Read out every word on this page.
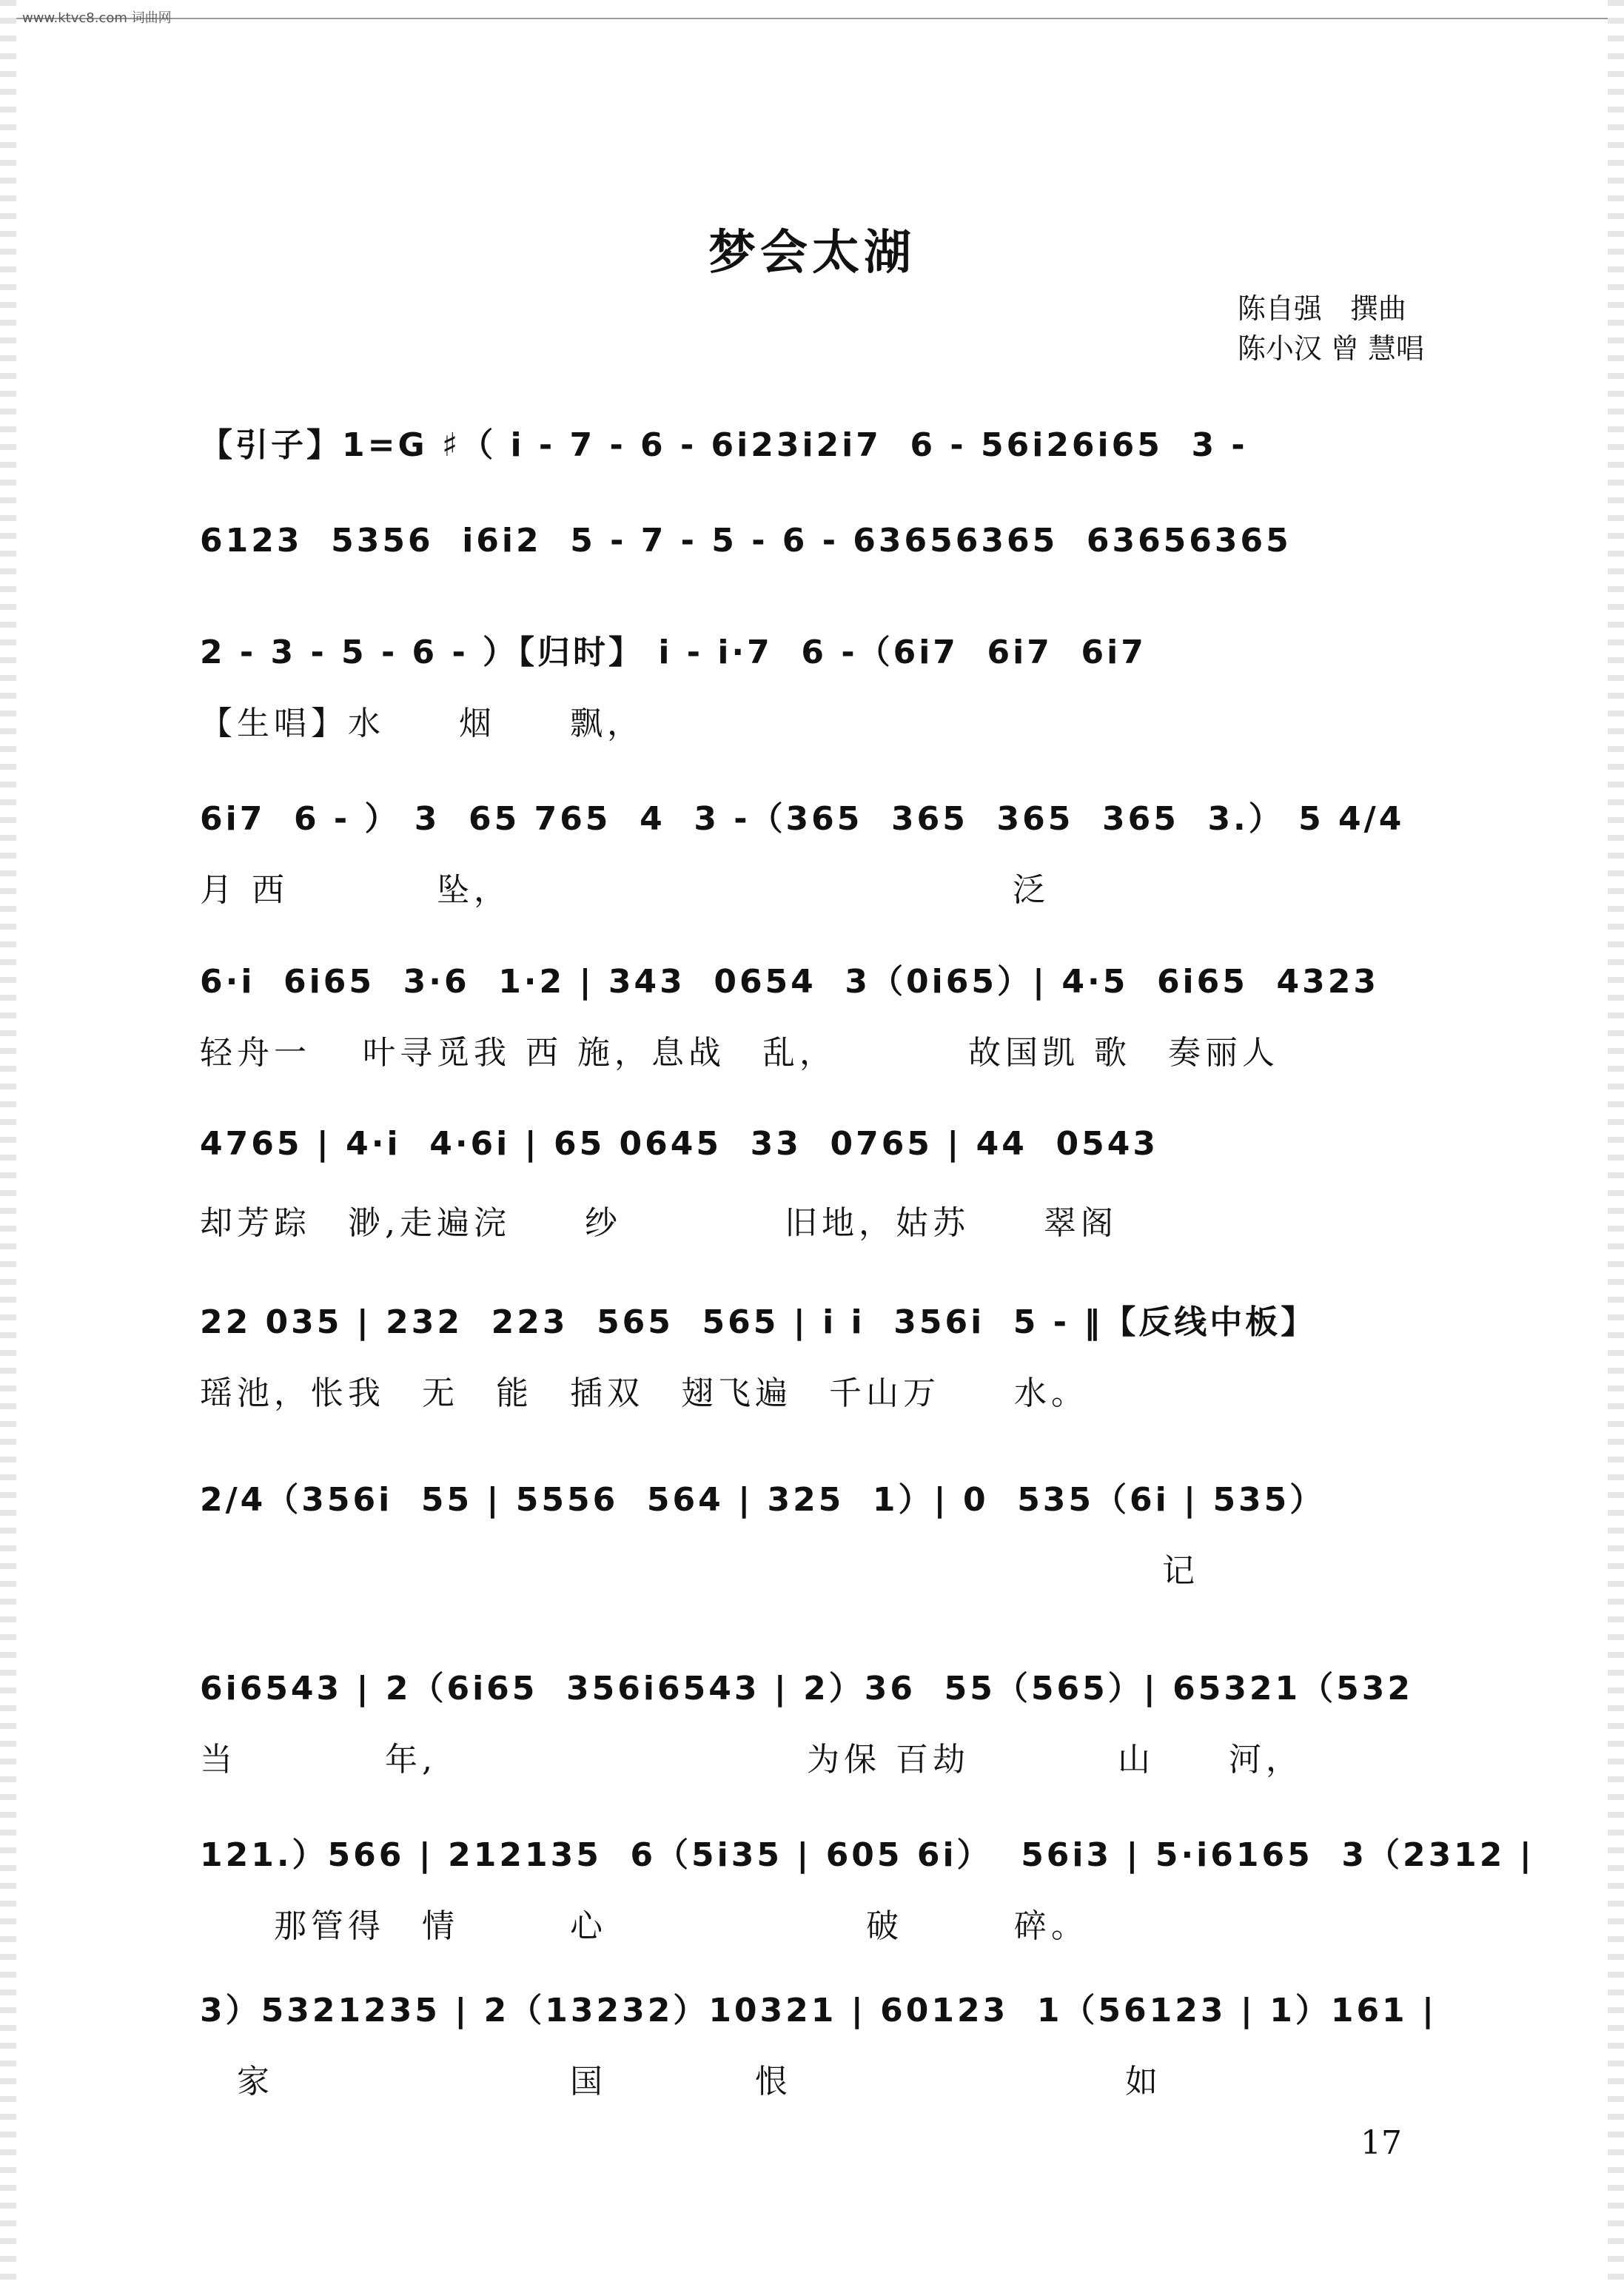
www.ktvc8.com 词曲网
梦会太湖
陈自强　撰曲
陈小汉 曾 慧唱
【引子】1=G ♯（ i - 7 - 6 - 6i23i2i7  6 - 56i26i65  3 -
6123  5356  i6i2  5 - 7 - 5 - 6 - 63656365  63656365
2 - 3 - 5 - 6 - ）【归时】 i - i·7  6 -（6i7  6i7  6i7
【生唱】水　　烟　　飘，
6i7  6 - ） 3  65 765  4  3 -（365  365  365  365  3.） 5 4/4
月 西　　　　坠，　　　　　　　　　　　　　　泛
6·i  6i65  3·6  1·2 | 343  0654  3（0i65）| 4·5  6i65  4323
轻舟一　 叶寻觅我 西 施，息战　乱，　　　　故国凯 歌　奏丽人
4765 | 4·i  4·6i | 65 0645  33  0765 | 44  0543
却芳踪　渺,走遍浣　　纱　　　　 旧地，姑苏　　翠阁
22 035 | 232  223  565  565 | i i  356i  5 - ‖【反线中板】
瑶池，怅我　无　能　插双　翅飞遍　千山万　　水。
2/4（356i  55 | 5556  564 | 325  1）| 0  535（6i | 535）
　　　　　　　　　　　　　　　　　　　　　　　　　　记
6i6543 | 2（6i65  356i6543 | 2）36  55（565）| 65321（532
当　　　　年,　　　　　　　　　　为保 百劫　　　　山　　河，
121.）566 | 212135  6（5i35 | 605 6i）  56i3 | 5·i6165  3（2312 |
　　那管得　情　　　心　　　　　　　破　　　碎。
3）5321235 | 2（13232）10321 | 60123  1（56123 | 1）161 |
　家　　　　　　　　国　　　　恨　　　　　　　　　如
17
